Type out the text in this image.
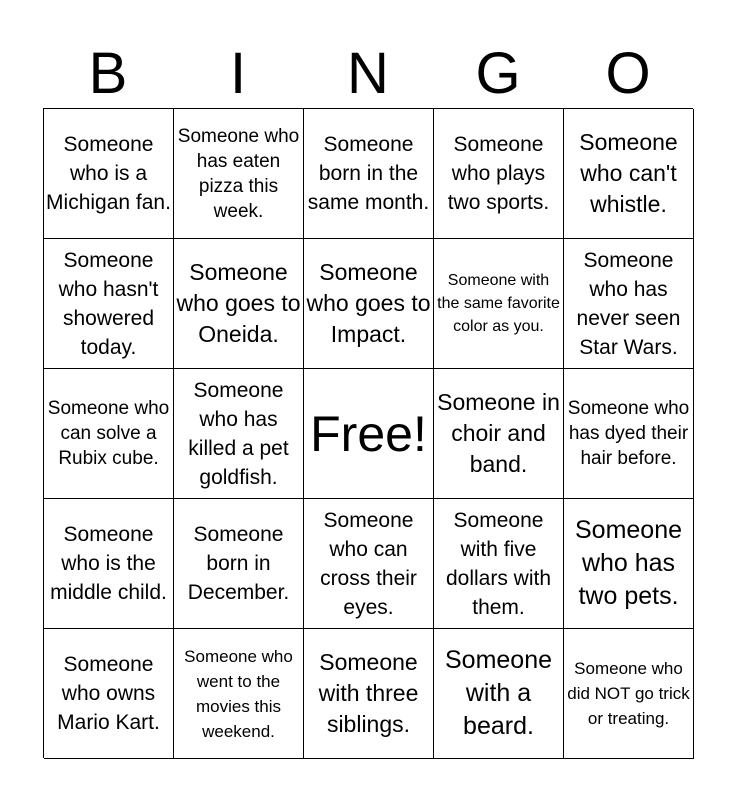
B	I	N	G	O
Someone who is a Michigan fan.
Someone who has eaten pizza this week.
Someone born in the same month.
Someone who plays two sports.
Someone who can't whistle.
Someone who hasn't showered today.
Someone who goes to Oneida.
Someone who goes to Impact.
Someone with the same favorite color as you.
Someone who has never seen Star Wars.
Someone who can solve a Rubix cube.
Someone who has killed a pet goldfish.
Free!
Someone in choir and band.
Someone who has dyed their hair before.
Someone who is the middle child.
Someone born in December.
Someone who can cross their eyes.
Someone with five dollars with them.
Someone who has two pets.
Someone who owns Mario Kart.
Someone who went to the movies this weekend.
Someone with three siblings.
Someone with a beard.
Someone who did NOT go trick or treating.
